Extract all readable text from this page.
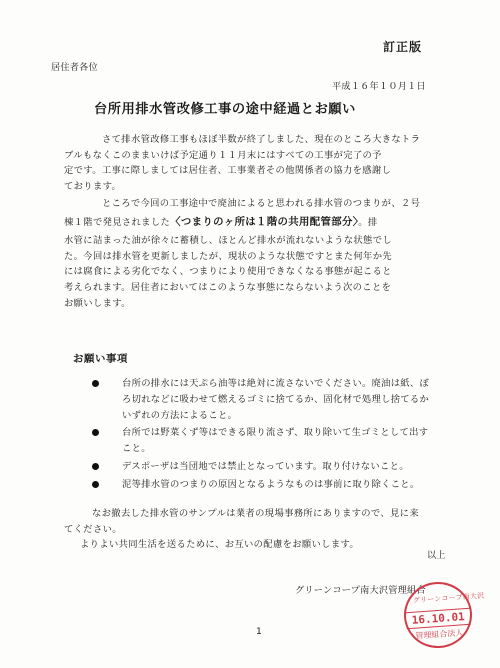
訂正版
居住者各位
平成１６年１０月１日
台所用排水管改修工事の途中経過とお願い
さて排水管改修工事もほぼ半数が終了しました、現在のところ大きなトラ
ブルもなくこのままいけば予定通り１１月末にはすべての工事が完了の予
定です。工事に際しましては居住者、工事業者その他関係者の協力を感謝し
ております。
ところで今回の工事途中で廃油によると思われる排水管のつまりが、２号
棟１階で発見されました〈つまりのヶ所は１階の共用配管部分〉。排
水管に詰まった油が徐々に蓄積し、ほとんど排水が流れないような状態でし
た。今回は排水管を更新しましたが、現状のような状態ですとまた何年か先
には腐食による劣化でなく、つまりにより使用できなくなる事態が起こると
考えられます。居住者においてはこのような事態にならないよう次のことを
お願いします。
お願い事項
台所の排水には天ぷら油等は絶対に流さないでください。廃油は紙、ぼ
ろ切れなどに吸わせて燃えるゴミに捨てるか、固化材で処理し捨てるか
いずれの方法によること。
台所では野菜くず等はできる限り流さず、取り除いて生ゴミとして出す
こと。
デスポーザは当団地では禁止となっています。取り付けないこと。
泥等排水管のつまりの原因となるようなものは事前に取り除くこと。
なお撤去した排水管のサンプルは業者の現場事務所にありますので、見に来
てください。
よりよい共同生活を送るために、お互いの配慮をお願いします。
以上
グリーンコープ南大沢管理組合
グリーンコープ南大沢
16.10.01
管理組合法人
1
